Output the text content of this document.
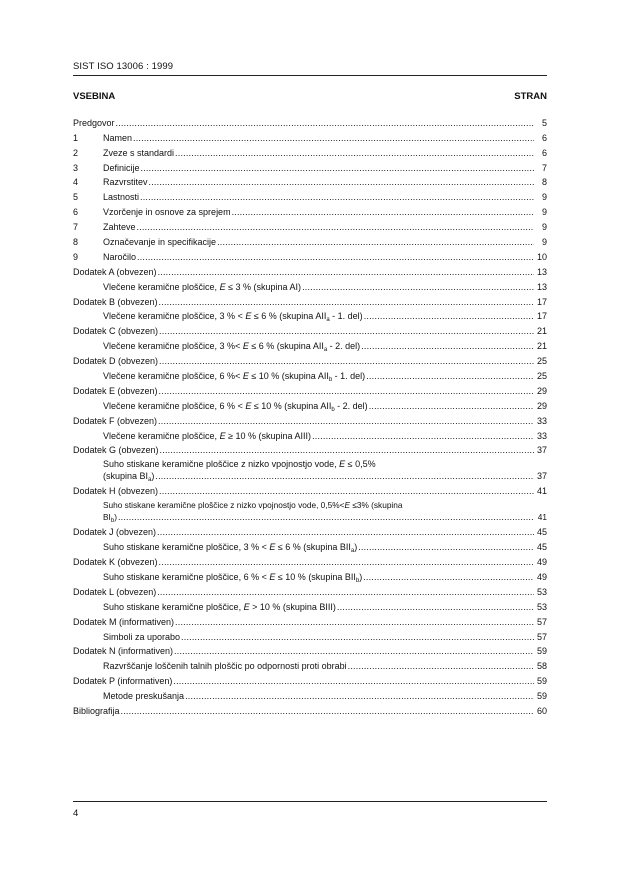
SIST ISO 13006 : 1999
VSEBINA	STRAN
Predgovor .....	5
1	Namen .....	6
2	Zveze s standardi .....	6
3	Definicije .....	7
4	Razvrstitev .....	8
5	Lastnosti .....	9
6	Vzorčenje in osnove za sprejem .....	9
7	Zahteve .....	9
8	Označevanje in specifikacije .....	9
9	Naročilo .....	10
Dodatek A (obvezen) .....	13
Vlečene keramične ploščice, E ≤ 3 % (skupina AI) .....	13
Dodatek B (obvezen) .....	17
Vlečene keramične ploščice, 3 % < E ≤ 6 % (skupina $AII_a - 1$. del) .....	17
Dodatek C (obvezen) .....	21
Vlečene keramične ploščice, 3 %< E ≤ 6 % (skupina $AII_a - 2$. del) .....	21
Dodatek D (obvezen) .....	25
Vlečene keramične ploščice, 6 %< E ≤ 10 % (skupina $AII_b - 1$. del) .....	25
Dodatek E (obvezen) .....	29
Vlečene keramične ploščice, 6 % < E ≤ 10 % (skupina $AII_b - 2$. del) .....	29
Dodatek F (obvezen) .....	33
Vlečene keramične ploščice, E ≥ 10 % (skupina AIII) .....	33
Dodatek G (obvezen) .....	37
Suho stiskane keramične ploščice z nizko vpojnostjo vode, E ≤ 0,5%
(skupina $BI_a$) .....	37
Dodatek H (obvezen) .....	41
Suho stiskane keramične ploščice z nizko vpojnostjo vode, 0,5%<E ≤3% (skupina
$BI_b$) .....	41
Dodatek J (obvezen) .....	45
Suho stiskane keramične ploščice, 3 % < E ≤ 6 % (skupina $BII_a$) .....	45
Dodatek K (obvezen) .....	49
Suho stiskane keramične ploščice, 6 % < E ≤ 10 % (skupina $BII_b$) .....	49
Dodatek L (obvezen) .....	53
Suho stiskane keramične ploščice, E > 10 % (skupina BIII) .....	53
Dodatek M (informativen) .....	57
Simboli za uporabo .....	57
Dodatek N (informativen) .....	59
Razvrščanje loščenih talnih ploščic po odpornosti proti obrabi .....	58
Dodatek P (informativen) .....	59
Metode preskušanja .....	59
Bibliografija .....	60
4
